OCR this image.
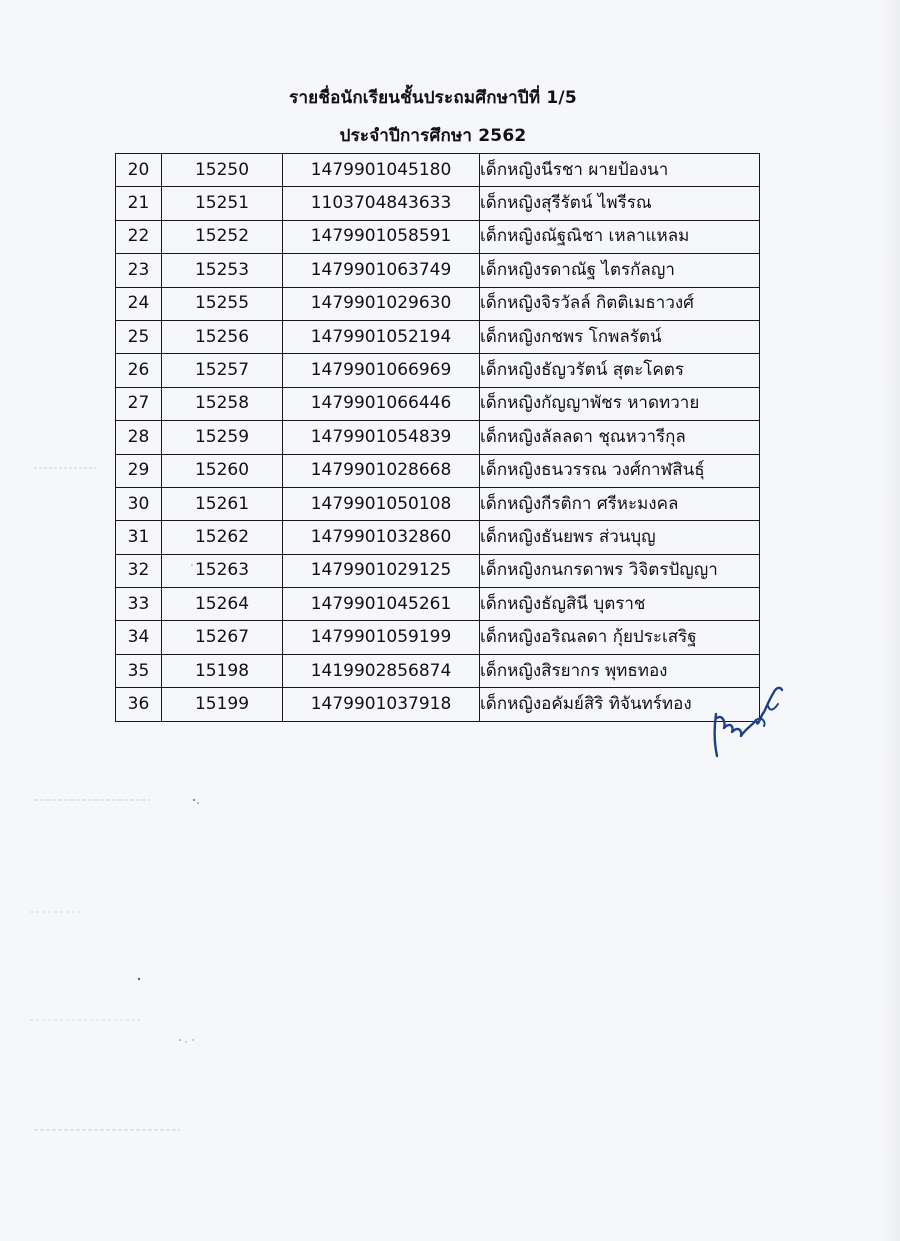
รายชื่อนักเรียนชั้นประถมศึกษาปีที่ 1/5
ประจำปีการศึกษา 2562
20	15250	1479901045180	เด็กหญิงนีรชา ผายป้องนา
21	15251	1103704843633	เด็กหญิงสุรีรัตน์ ไพรีรณ
22	15252	1479901058591	เด็กหญิงณัฐณิชา เหลาแหลม
23	15253	1479901063749	เด็กหญิงรดาณัฐ ไตรกัลญา
24	15255	1479901029630	เด็กหญิงจิรวัลล์ กิตติเมธาวงศ์
25	15256	1479901052194	เด็กหญิงกชพร โกพลรัตน์
26	15257	1479901066969	เด็กหญิงธัญวรัตน์ สุตะโคตร
27	15258	1479901066446	เด็กหญิงกัญญาพัชร หาดทวาย
28	15259	1479901054839	เด็กหญิงลัลลดา ชุณหวารีกุล
29	15260	1479901028668	เด็กหญิงธนวรรณ วงศ์กาฬสินธุ์
30	15261	1479901050108	เด็กหญิงกีรติกา ศรีหะมงคล
31	15262	1479901032860	เด็กหญิงธันยพร ส่วนบุญ
32	15263	1479901029125	เด็กหญิงกนกรดาพร วิจิตรปัญญา
33	15264	1479901045261	เด็กหญิงธัญสินี บุตราช
34	15267	1479901059199	เด็กหญิงอริณลดา กุ้ยประเสริฐ
35	15198	1419902856874	เด็กหญิงสิรยากร พุทธทอง
36	15199	1479901037918	เด็กหญิงอคัมย์สิริ ทิจันทร์ทอง
